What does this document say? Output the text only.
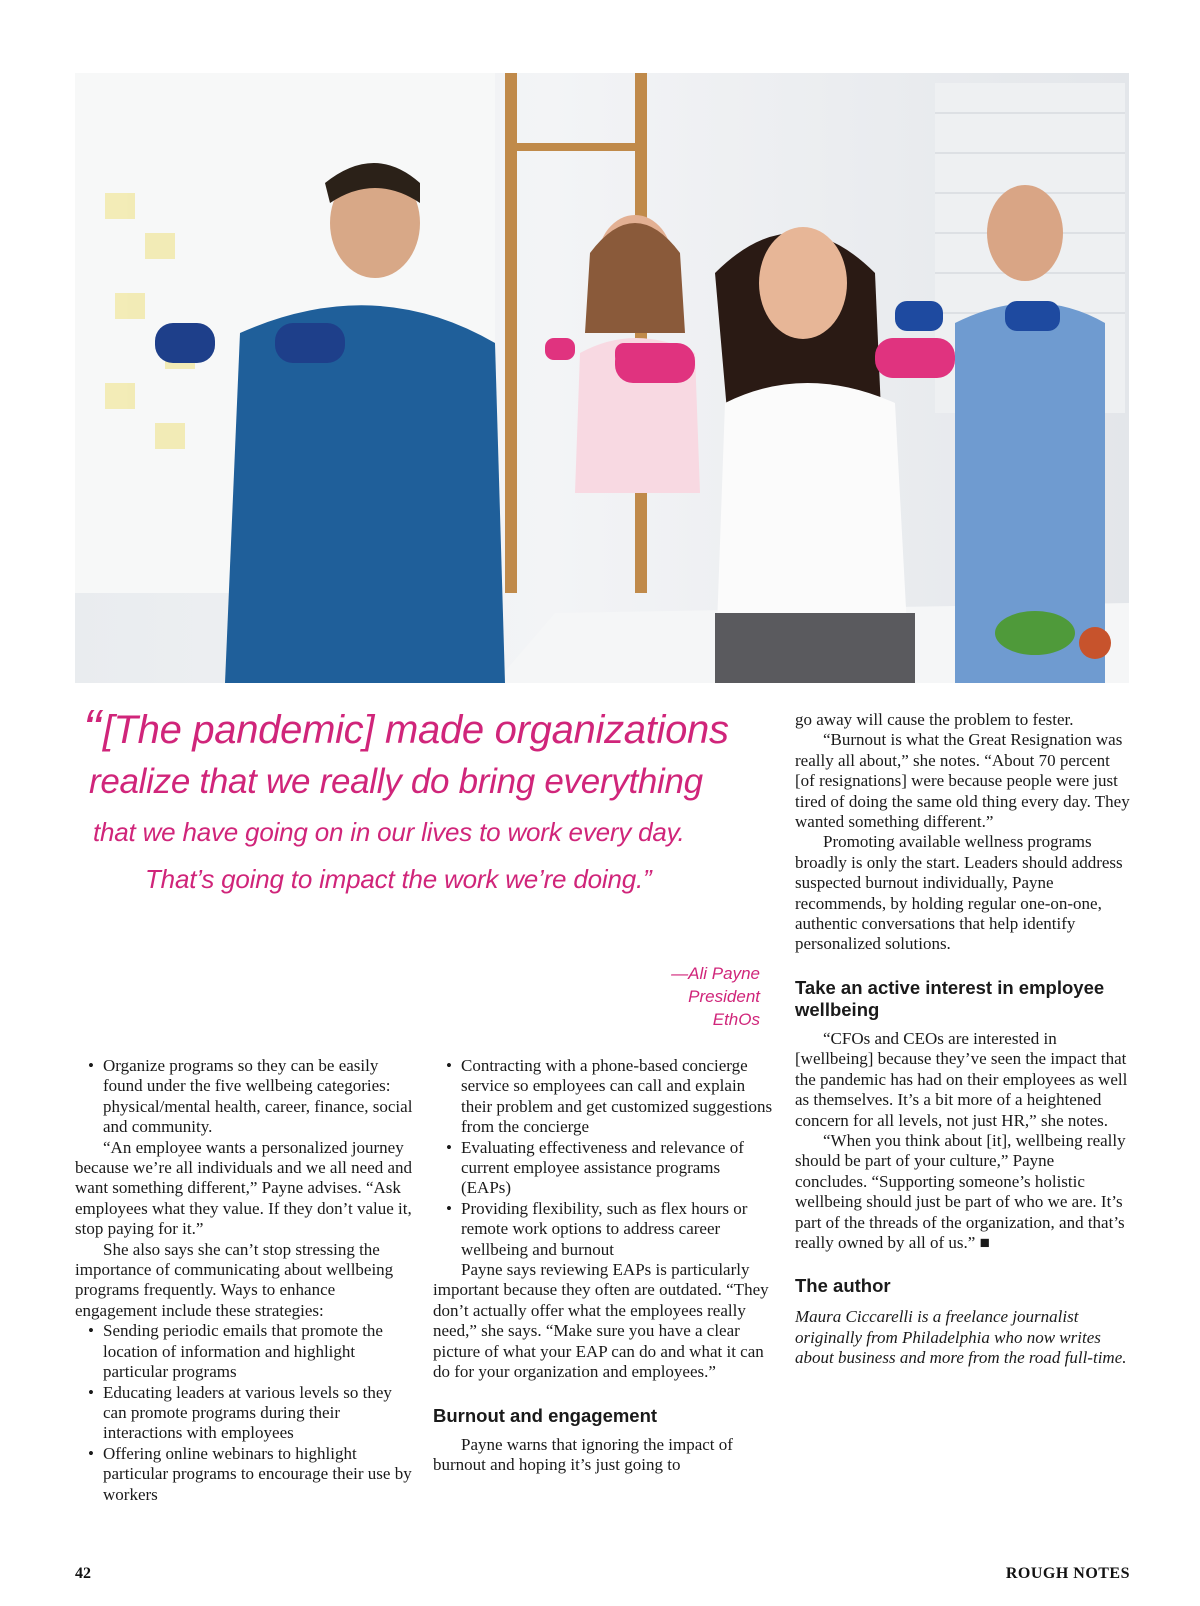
“[The pandemic] made organizations

realize that we really do bring everything

that we have going on in our lives to work every day.

That’s going to impact the work we’re doing.”

—Ali Payne
President
EthOs

• Organize programs so they can be easily found under the five wellbeing categories: physical/mental health, career, finance, social and community.

“An employee wants a personalized journey because we’re all individuals and we all need and want something different,” Payne advises. “Ask employees what they value. If they don’t value it, stop paying for it.”

She also says she can’t stop stressing the importance of communicating about wellbeing programs frequently. Ways to enhance engagement include these strategies:

• Sending periodic emails that promote the location of information and highlight particular programs

• Educating leaders at various levels so they can promote programs during their interactions with employees

• Offering online webinars to highlight particular programs to encourage their use by workers

• Contracting with a phone-based concierge service so employees can call and explain their problem and get customized suggestions from the concierge

• Evaluating effectiveness and relevance of current employee assistance programs (EAPs)

• Providing flexibility, such as flex hours or remote work options to address career wellbeing and burnout

Payne says reviewing EAPs is particularly important because they often are outdated. “They don’t actually offer what the employees really need,” she says. “Make sure you have a clear picture of what your EAP can do and what it can do for your organization and employees.”

Burnout and engagement

Payne warns that ignoring the impact of burnout and hoping it’s just going to

go away will cause the problem to fester.

“Burnout is what the Great Resignation was really all about,” she notes. “About 70 percent [of resignations] were because people were just tired of doing the same old thing every day. They wanted something different.”

Promoting available wellness programs broadly is only the start. Leaders should address suspected burnout individually, Payne recommends, by holding regular one-on-one, authentic conversations that help identify personalized solutions.

Take an active interest in employee wellbeing

“CFOs and CEOs are interested in [wellbeing] because they’ve seen the impact that the pandemic has had on their employees as well as themselves. It’s a bit more of a heightened concern for all levels, not just HR,” she notes.

“When you think about [it], wellbeing really should be part of your culture,” Payne concludes. “Supporting someone’s holistic wellbeing should just be part of who we are. It’s part of the threads of the organization, and that’s really owned by all of us.” ■

The author

Maura Ciccarelli is a freelance journalist originally from Philadelphia who now writes about business and more from the road full-time.

42	ROUGH NOTES
